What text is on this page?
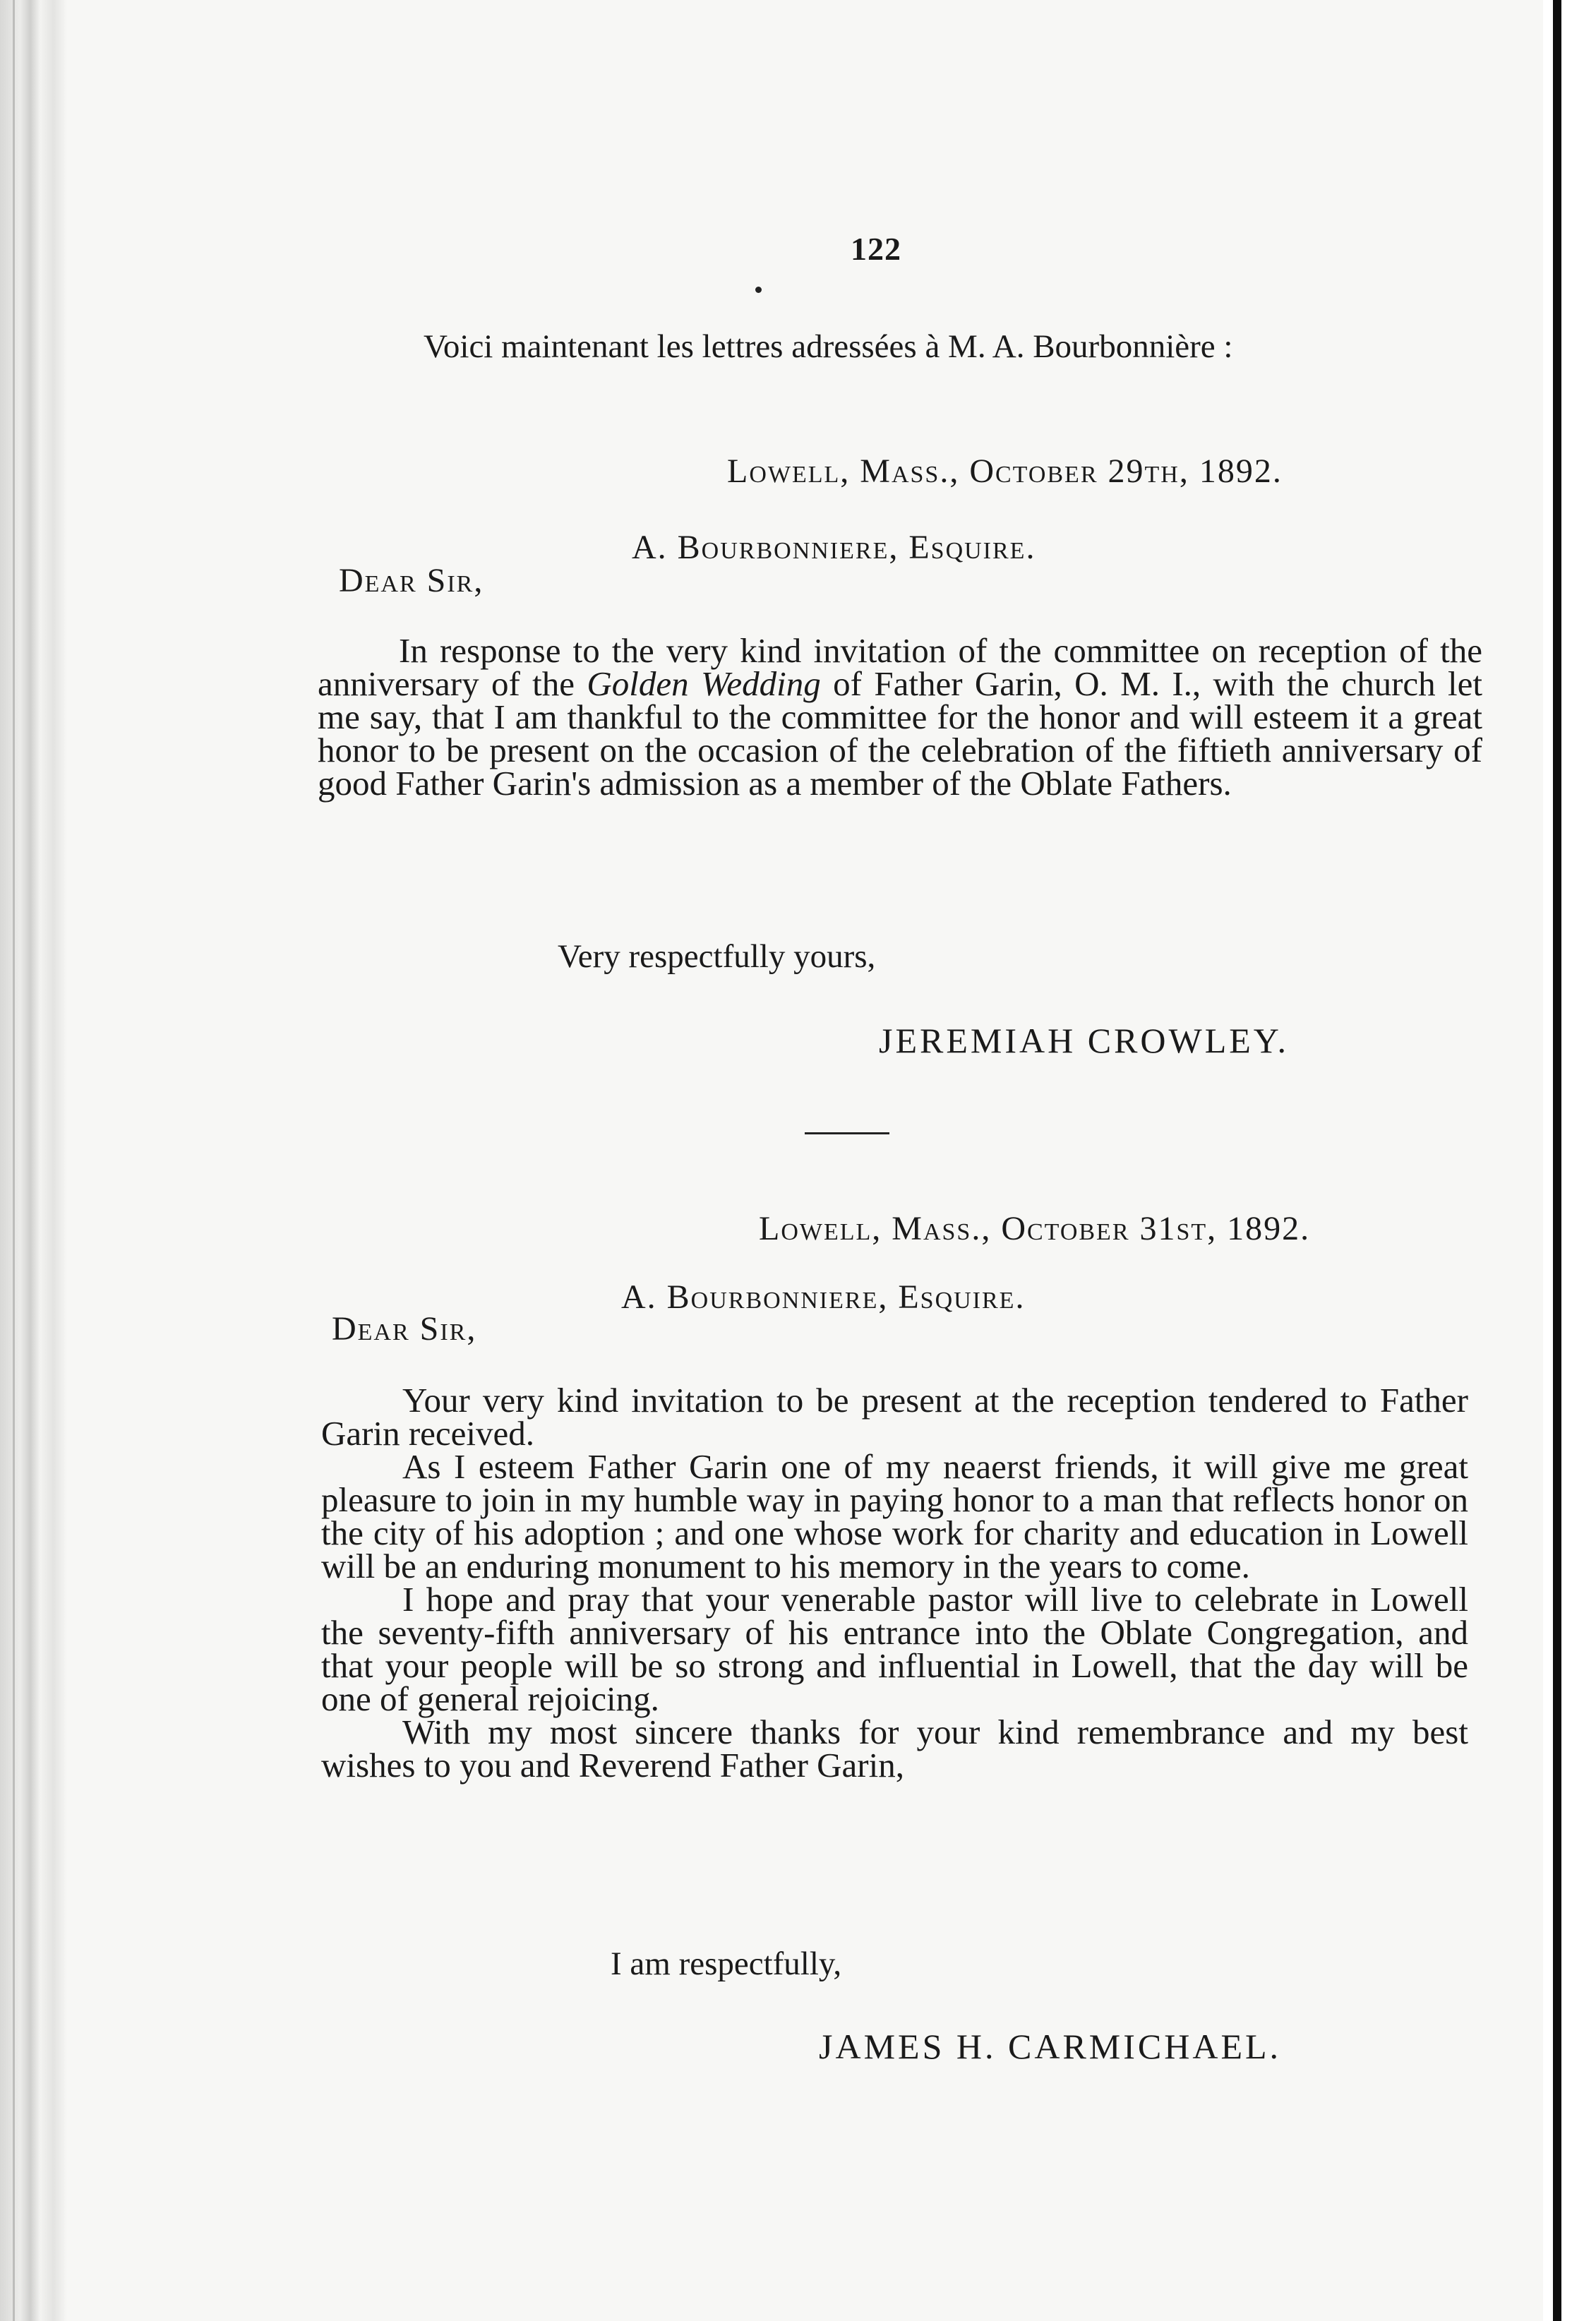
122
Voici maintenant les lettres adressées à M. A. Bourbonnière :
Lowell, Mass., October 29th, 1892.
A. Bourbonniere, Esquire.
Dear Sir,

In response to the very kind invitation of the committee on reception of the anniversary of the Golden Wedding of Father Garin, O. M. I., with the church let me say, that I am thankful to the committee for the honor and will esteem it a great honor to be present on the occasion of the celebration of the fiftieth anniversary of good Father Garin's admission as a member of the Oblate Fathers.

Very respectfully yours,
JEREMIAH CROWLEY.
Lowell, Mass., October 31st, 1892.
A. Bourbonniere, Esquire.
Dear Sir,

Your very kind invitation to be present at the reception tendered to Father Garin received.

As I esteem Father Garin one of my neaerst friends, it will give me great pleasure to join in my humble way in paying honor to a man that reflects honor on the city of his adoption ; and one whose work for charity and education in Lowell will be an enduring monument to his memory in the years to come.

I hope and pray that your venerable pastor will live to celebrate in Lowell the seventy-fifth anniversary of his entrance into the Oblate Congregation, and that your people will be so strong and influential in Lowell, that the day will be one of general rejoicing.

With my most sincere thanks for your kind remembrance and my best wishes to you and Reverend Father Garin,

I am respectfully,
JAMES H. CARMICHAEL.
